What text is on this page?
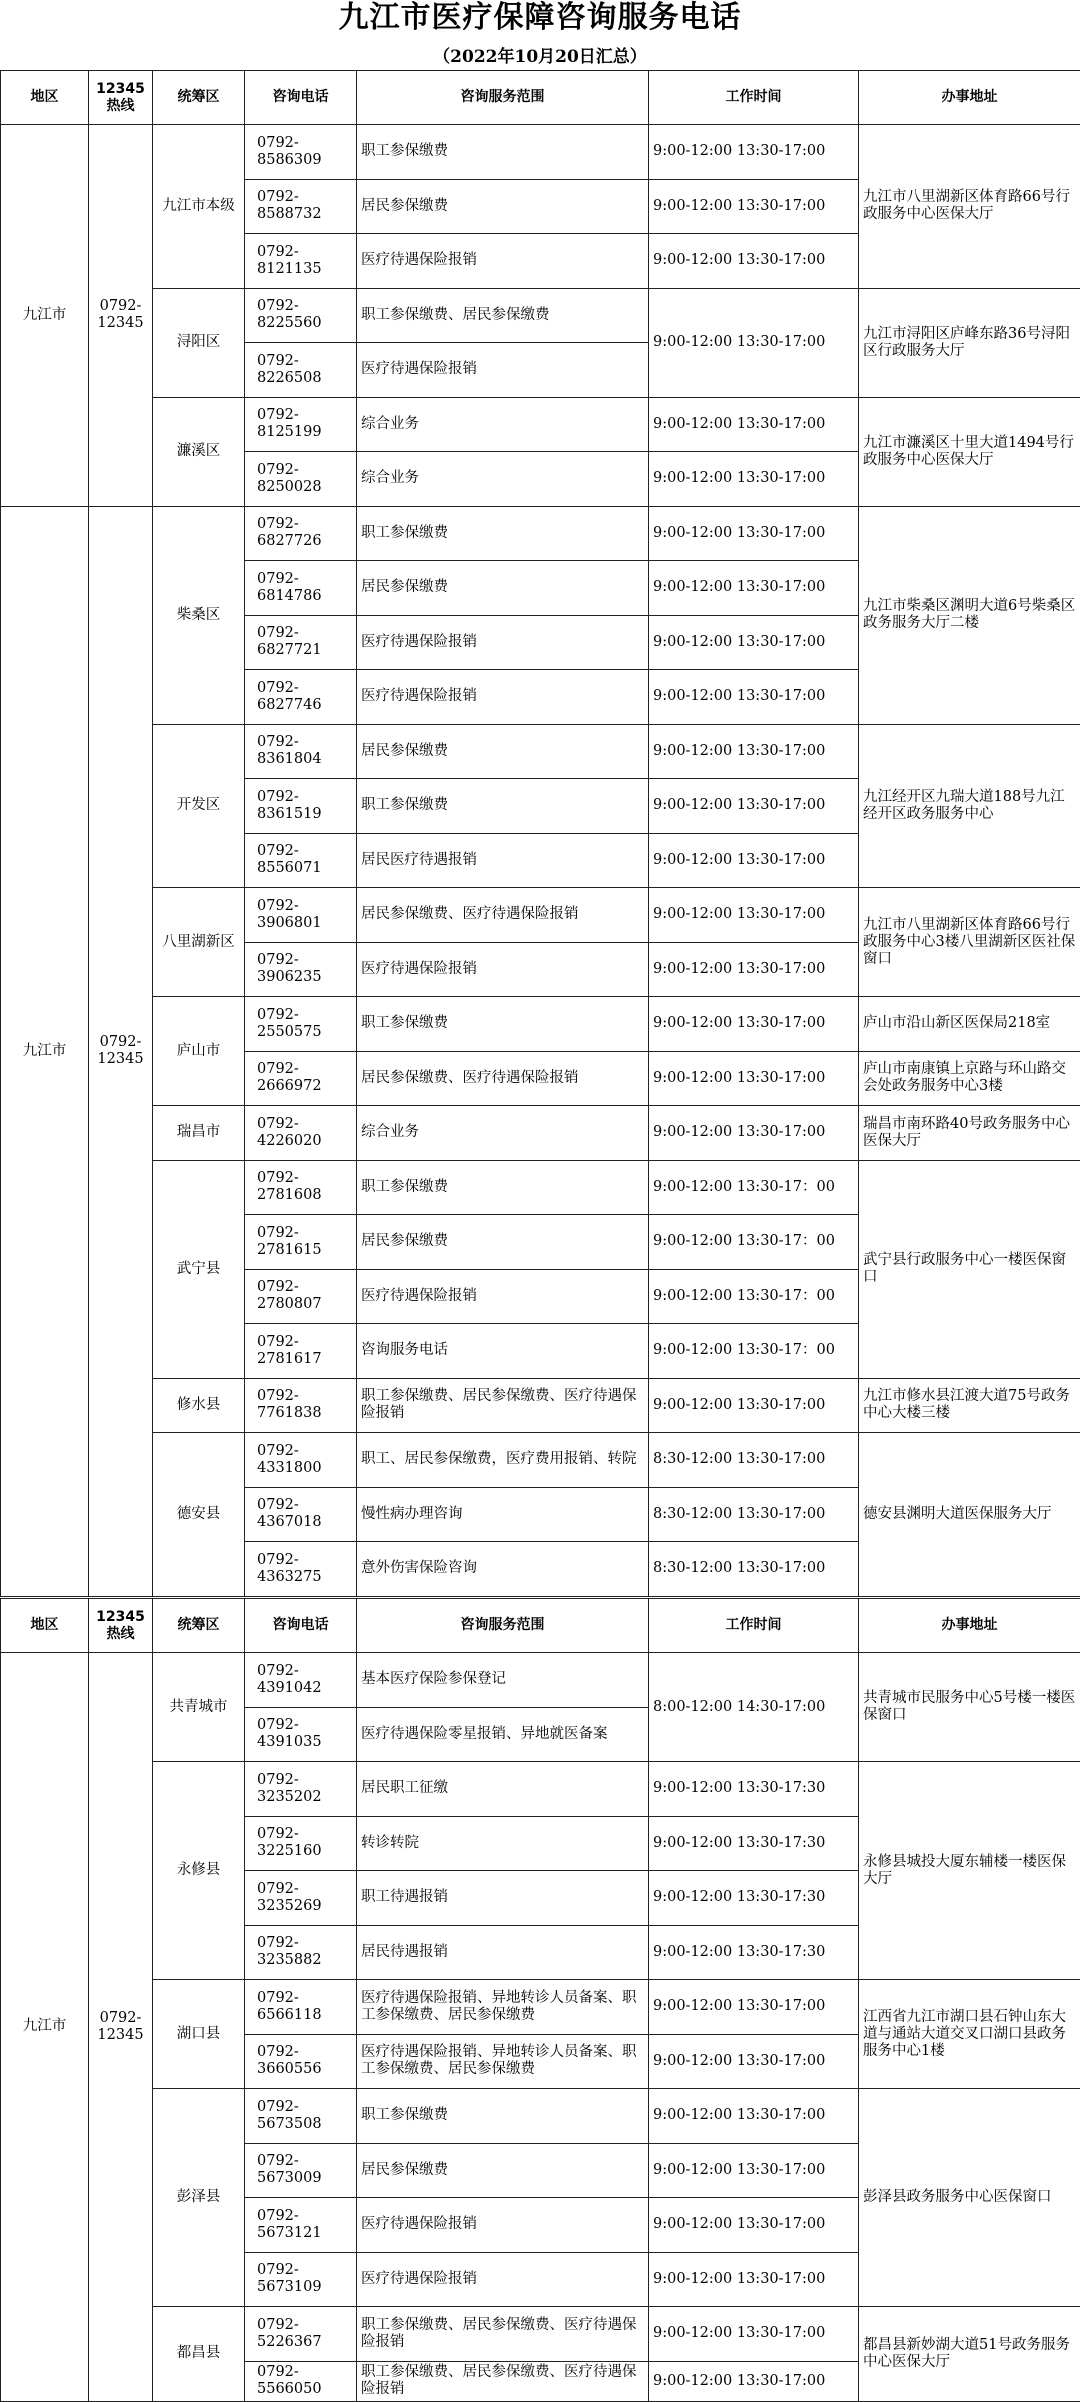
九江市医疗保障咨询服务电话
（2022年10月20日汇总）
地区	12345热线	统筹区	咨询电话	咨询服务范围	工作时间	办事地址
九江市	0792-12345	九江市本级	0792-8586309	职工参保缴费	9:00-12:00 13:30-17:00	九江市八里湖新区体育路66号行政服务中心医保大厅
			0792-8588732	居民参保缴费	9:00-12:00 13:30-17:00	
			0792-8121135	医疗待遇保险报销	9:00-12:00 13:30-17:00	
		浔阳区	0792-8225560	职工参保缴费、居民参保缴费	9:00-12:00 13:30-17:00	九江市浔阳区庐峰东路36号浔阳区行政服务大厅
			0792-8226508	医疗待遇保险报销		
		濂溪区	0792-8125199	综合业务	9:00-12:00 13:30-17:00	九江市濂溪区十里大道1494号行政服务中心医保大厅
			0792-8250028	综合业务	9:00-12:00 13:30-17:00	
九江市	0792-12345	柴桑区	0792-6827726	职工参保缴费	9:00-12:00 13:30-17:00	九江市柴桑区渊明大道6号柴桑区政务服务大厅二楼
			0792-6814786	居民参保缴费	9:00-12:00 13:30-17:00	
			0792-6827721	医疗待遇保险报销	9:00-12:00 13:30-17:00	
			0792-6827746	医疗待遇保险报销	9:00-12:00 13:30-17:00	
		开发区	0792-8361804	居民参保缴费	9:00-12:00 13:30-17:00	九江经开区九瑞大道188号九江经开区政务服务中心
			0792-8361519	职工参保缴费	9:00-12:00 13:30-17:00	
			0792-8556071	居民医疗待遇报销	9:00-12:00 13:30-17:00	
		八里湖新区	0792-3906801	居民参保缴费、医疗待遇保险报销	9:00-12:00 13:30-17:00	九江市八里湖新区体育路66号行政服务中心3楼八里湖新区医社保窗口
			0792-3906235	医疗待遇保险报销	9:00-12:00 13:30-17:00	
		庐山市	0792-2550575	职工参保缴费	9:00-12:00 13:30-17:00	庐山市沿山新区医保局218室
			0792-2666972	居民参保缴费、医疗待遇保险报销	9:00-12:00 13:30-17:00	庐山市南康镇上京路与环山路交会处政务服务中心3楼
		瑞昌市	0792-4226020	综合业务	9:00-12:00 13:30-17:00	瑞昌市南环路40号政务服务中心医保大厅
		武宁县	0792-2781608	职工参保缴费	9:00-12:00 13:30-17：00	武宁县行政服务中心一楼医保窗口
			0792-2781615	居民参保缴费	9:00-12:00 13:30-17：00	
			0792-2780807	医疗待遇保险报销	9:00-12:00 13:30-17：00	
			0792-2781617	咨询服务电话	9:00-12:00 13:30-17：00	
		修水县	0792-7761838	职工参保缴费、居民参保缴费、医疗待遇保险报销	9:00-12:00 13:30-17:00	九江市修水县江渡大道75号政务中心大楼三楼
		德安县	0792-4331800	职工、居民参保缴费，医疗费用报销、转院	8:30-12:00 13:30-17:00	德安县渊明大道医保服务大厅
			0792-4367018	慢性病办理咨询	8:30-12:00 13:30-17:00	
			0792-4363275	意外伤害保险咨询	8:30-12:00 13:30-17:00	
地区	12345热线	统筹区	咨询电话	咨询服务范围	工作时间	办事地址
九江市	0792-12345	共青城市	0792-4391042	基本医疗保险参保登记	8:00-12:00 14:30-17:00	共青城市民服务中心5号楼一楼医保窗口
			0792-4391035	医疗待遇保险零星报销、异地就医备案		
		永修县	0792-3235202	居民职工征缴	9:00-12:00 13:30-17:30	永修县城投大厦东辅楼一楼医保大厅
			0792-3225160	转诊转院	9:00-12:00 13:30-17:30	
			0792-3235269	职工待遇报销	9:00-12:00 13:30-17:30	
			0792-3235882	居民待遇报销	9:00-12:00 13:30-17:30	
		湖口县	0792-6566118	医疗待遇保险报销、异地转诊人员备案、职工参保缴费、居民参保缴费	9:00-12:00 13:30-17:00	江西省九江市湖口县石钟山东大道与通站大道交叉口湖口县政务服务中心1楼
			0792-3660556	医疗待遇保险报销、异地转诊人员备案、职工参保缴费、居民参保缴费	9:00-12:00 13:30-17:00	
		彭泽县	0792-5673508	职工参保缴费	9:00-12:00 13:30-17:00	彭泽县政务服务中心医保窗口
			0792-5673009	居民参保缴费	9:00-12:00 13:30-17:00	
			0792-5673121	医疗待遇保险报销	9:00-12:00 13:30-17:00	
			0792-5673109	医疗待遇保险报销	9:00-12:00 13:30-17:00	
		都昌县	0792-5226367	职工参保缴费、居民参保缴费、医疗待遇保险报销	9:00-12:00 13:30-17:00	都昌县新妙湖大道51号政务服务中心医保大厅
			0792-5566050	职工参保缴费、居民参保缴费、医疗待遇保险报销	9:00-12:00 13:30-17:00	
